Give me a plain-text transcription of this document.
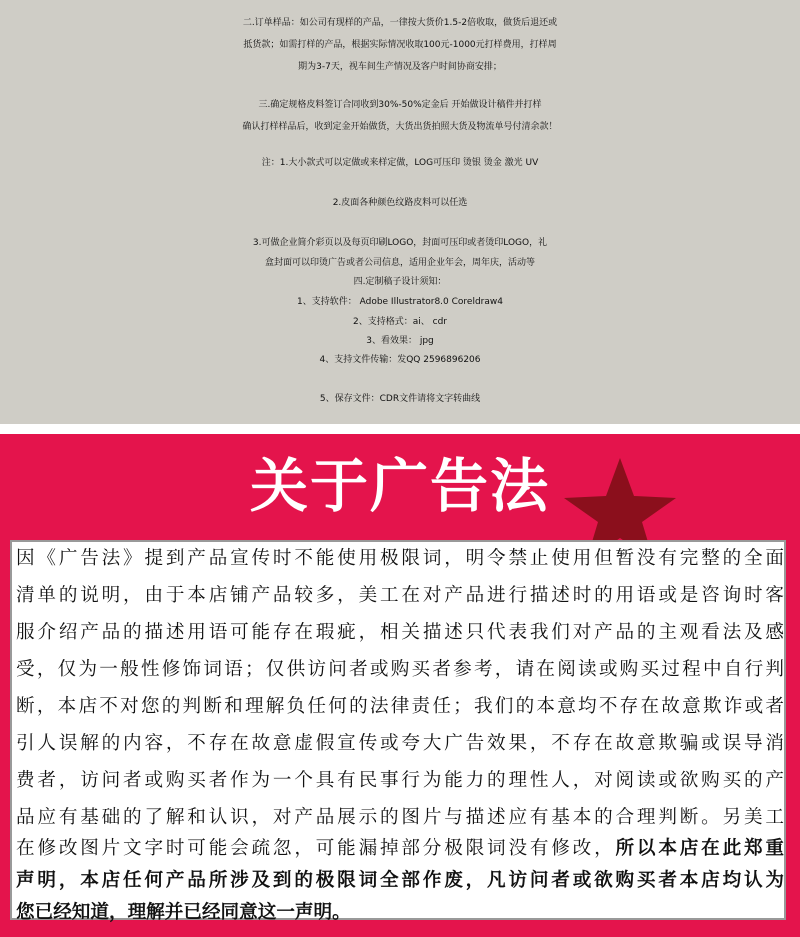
二.订单样品：如公司有现样的产品，一律按大货价1.5-2倍收取，做货后退还或
抵货款；如需打样的产品，根据实际情况收取100元-1000元打样费用，打样周
期为3-7天，视车间生产情况及客户时间协商安排；
三.确定规格皮料签订合同收到30%-50%定金后 开始做设计稿件并打样
确认打样样品后，收到定金开始做货，大货出货拍照大货及物流单号付清余款！
注：1.大小款式可以定做或来样定做，LOG可压印 烫银 烫金 激光 UV
2.皮面各种颜色纹路皮料可以任选
3.可做企业简介彩页以及每页印刷LOGO，封面可压印或者烫印LOGO，礼
盒封面可以印烫广告或者公司信息，适用企业年会，周年庆，活动等
四.定制稿子设计须知：
1、支持软件： Adobe Illustrator8.0 Coreldraw4
2、支持格式：ai、 cdr
3、看效果： jpg
4、支持文件传输：发QQ 2596896206
5、保存文件：CDR文件请将文字转曲线
关于广告法
因《广告法》提到产品宣传时不能使用极限词，明令禁止使用但暂没有完整的全面
清单的说明，由于本店铺产品较多，美工在对产品进行描述时的用语或是咨询时客
服介绍产品的描述用语可能存在瑕疵，相关描述只代表我们对产品的主观看法及感
受，仅为一般性修饰词语；仅供访问者或购买者参考，请在阅读或购买过程中自行判
断，本店不对您的判断和理解负任何的法律责任；我们的本意均不存在故意欺诈或者
引人误解的内容，不存在故意虚假宣传或夸大广告效果，不存在故意欺骗或误导消
费者，访问者或购买者作为一个具有民事行为能力的理性人，对阅读或欲购买的产
品应有基础的了解和认识，对产品展示的图片与描述应有基本的合理判断。另美工
在修改图片文字时可能会疏忽，可能漏掉部分极限词没有修改，所以本店在此郑重
声明，本店任何产品所涉及到的极限词全部作废，凡访问者或欲购买者本店均认为
您已经知道，理解并已经同意这一声明。
